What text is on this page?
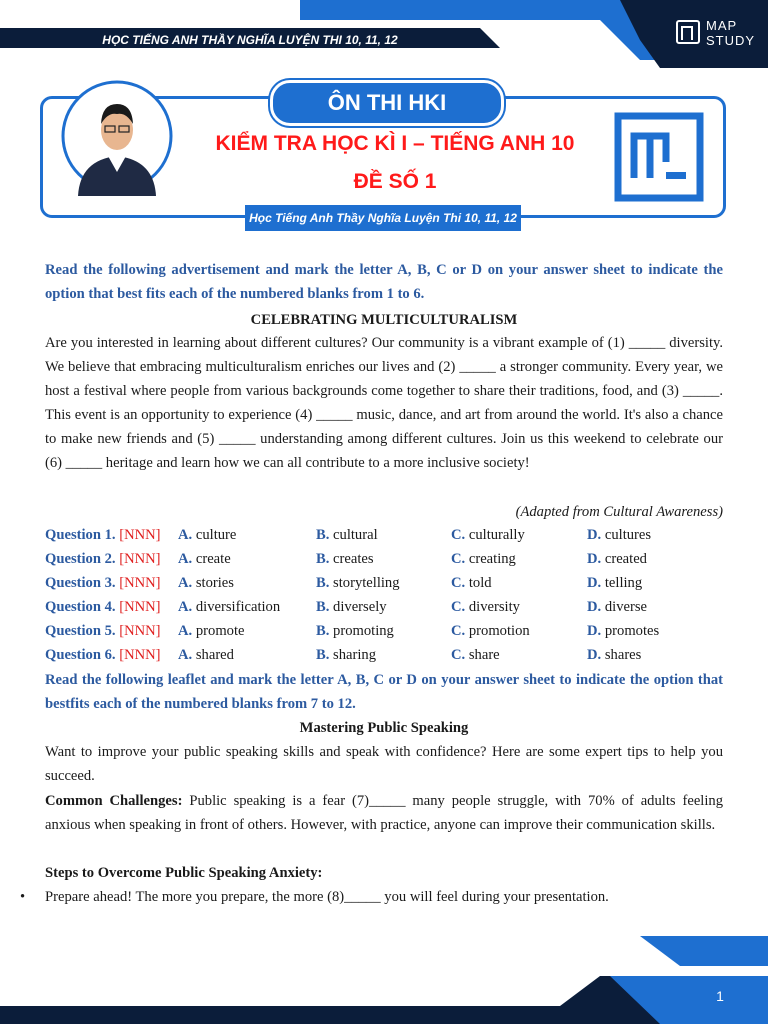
HỌC TIẾNG ANH THẦY NGHĨA LUYỆN THI 10, 11, 12
MAP
STUDY
ÔN THI HKI
KIỂM TRA HỌC KÌ I – TIẾNG ANH 10
ĐỀ SỐ 1
Học Tiếng Anh Thầy Nghĩa Luyện Thi 10, 11, 12
Read the following advertisement and mark the letter A, B, C or D on your answer sheet to indicate the option that best fits each of the numbered blanks from 1 to 6.
CELEBRATING MULTICULTURALISM
Are you interested in learning about different cultures? Our community is a vibrant example of (1) _____ diversity. We believe that embracing multiculturalism enriches our lives and (2) _____ a stronger community. Every year, we host a festival where people from various backgrounds come together to share their traditions, food, and (3) _____. This event is an opportunity to experience (4) _____ music, dance, and art from around the world. It's also a chance to make new friends and (5) _____ understanding among different cultures. Join us this weekend to celebrate our (6) _____ heritage and learn how we can all contribute to a more inclusive society!
(Adapted from Cultural Awareness)
Question 1. [NNN] A. culture	B. cultural	C. culturally	D. cultures
Question 2. [NNN] A. create	B. creates	C. creating	D. created
Question 3. [NNN] A. stories	B. storytelling	C. told	D. telling
Question 4. [NNN] A. diversification B. diversely	C. diversity	D. diverse
Question 5. [NNN] A. promote	B. promoting	C. promotion	D. promotes
Question 6. [NNN] A. shared	B. sharing	C. share	D. shares
Read the following leaflet and mark the letter A, B, C or D on your answer sheet to indicate the option that bestfits each of the numbered blanks from 7 to 12.
Mastering Public Speaking
Want to improve your public speaking skills and speak with confidence? Here are some expert tips to help you succeed.
Common Challenges: Public speaking is a fear (7)_____ many people struggle, with 70% of adults feeling anxious when speaking in front of others. However, with practice, anyone can improve their communication skills.
Steps to Overcome Public Speaking Anxiety:
• Prepare ahead! The more you prepare, the more (8)_____ you will feel during your presentation.
1
